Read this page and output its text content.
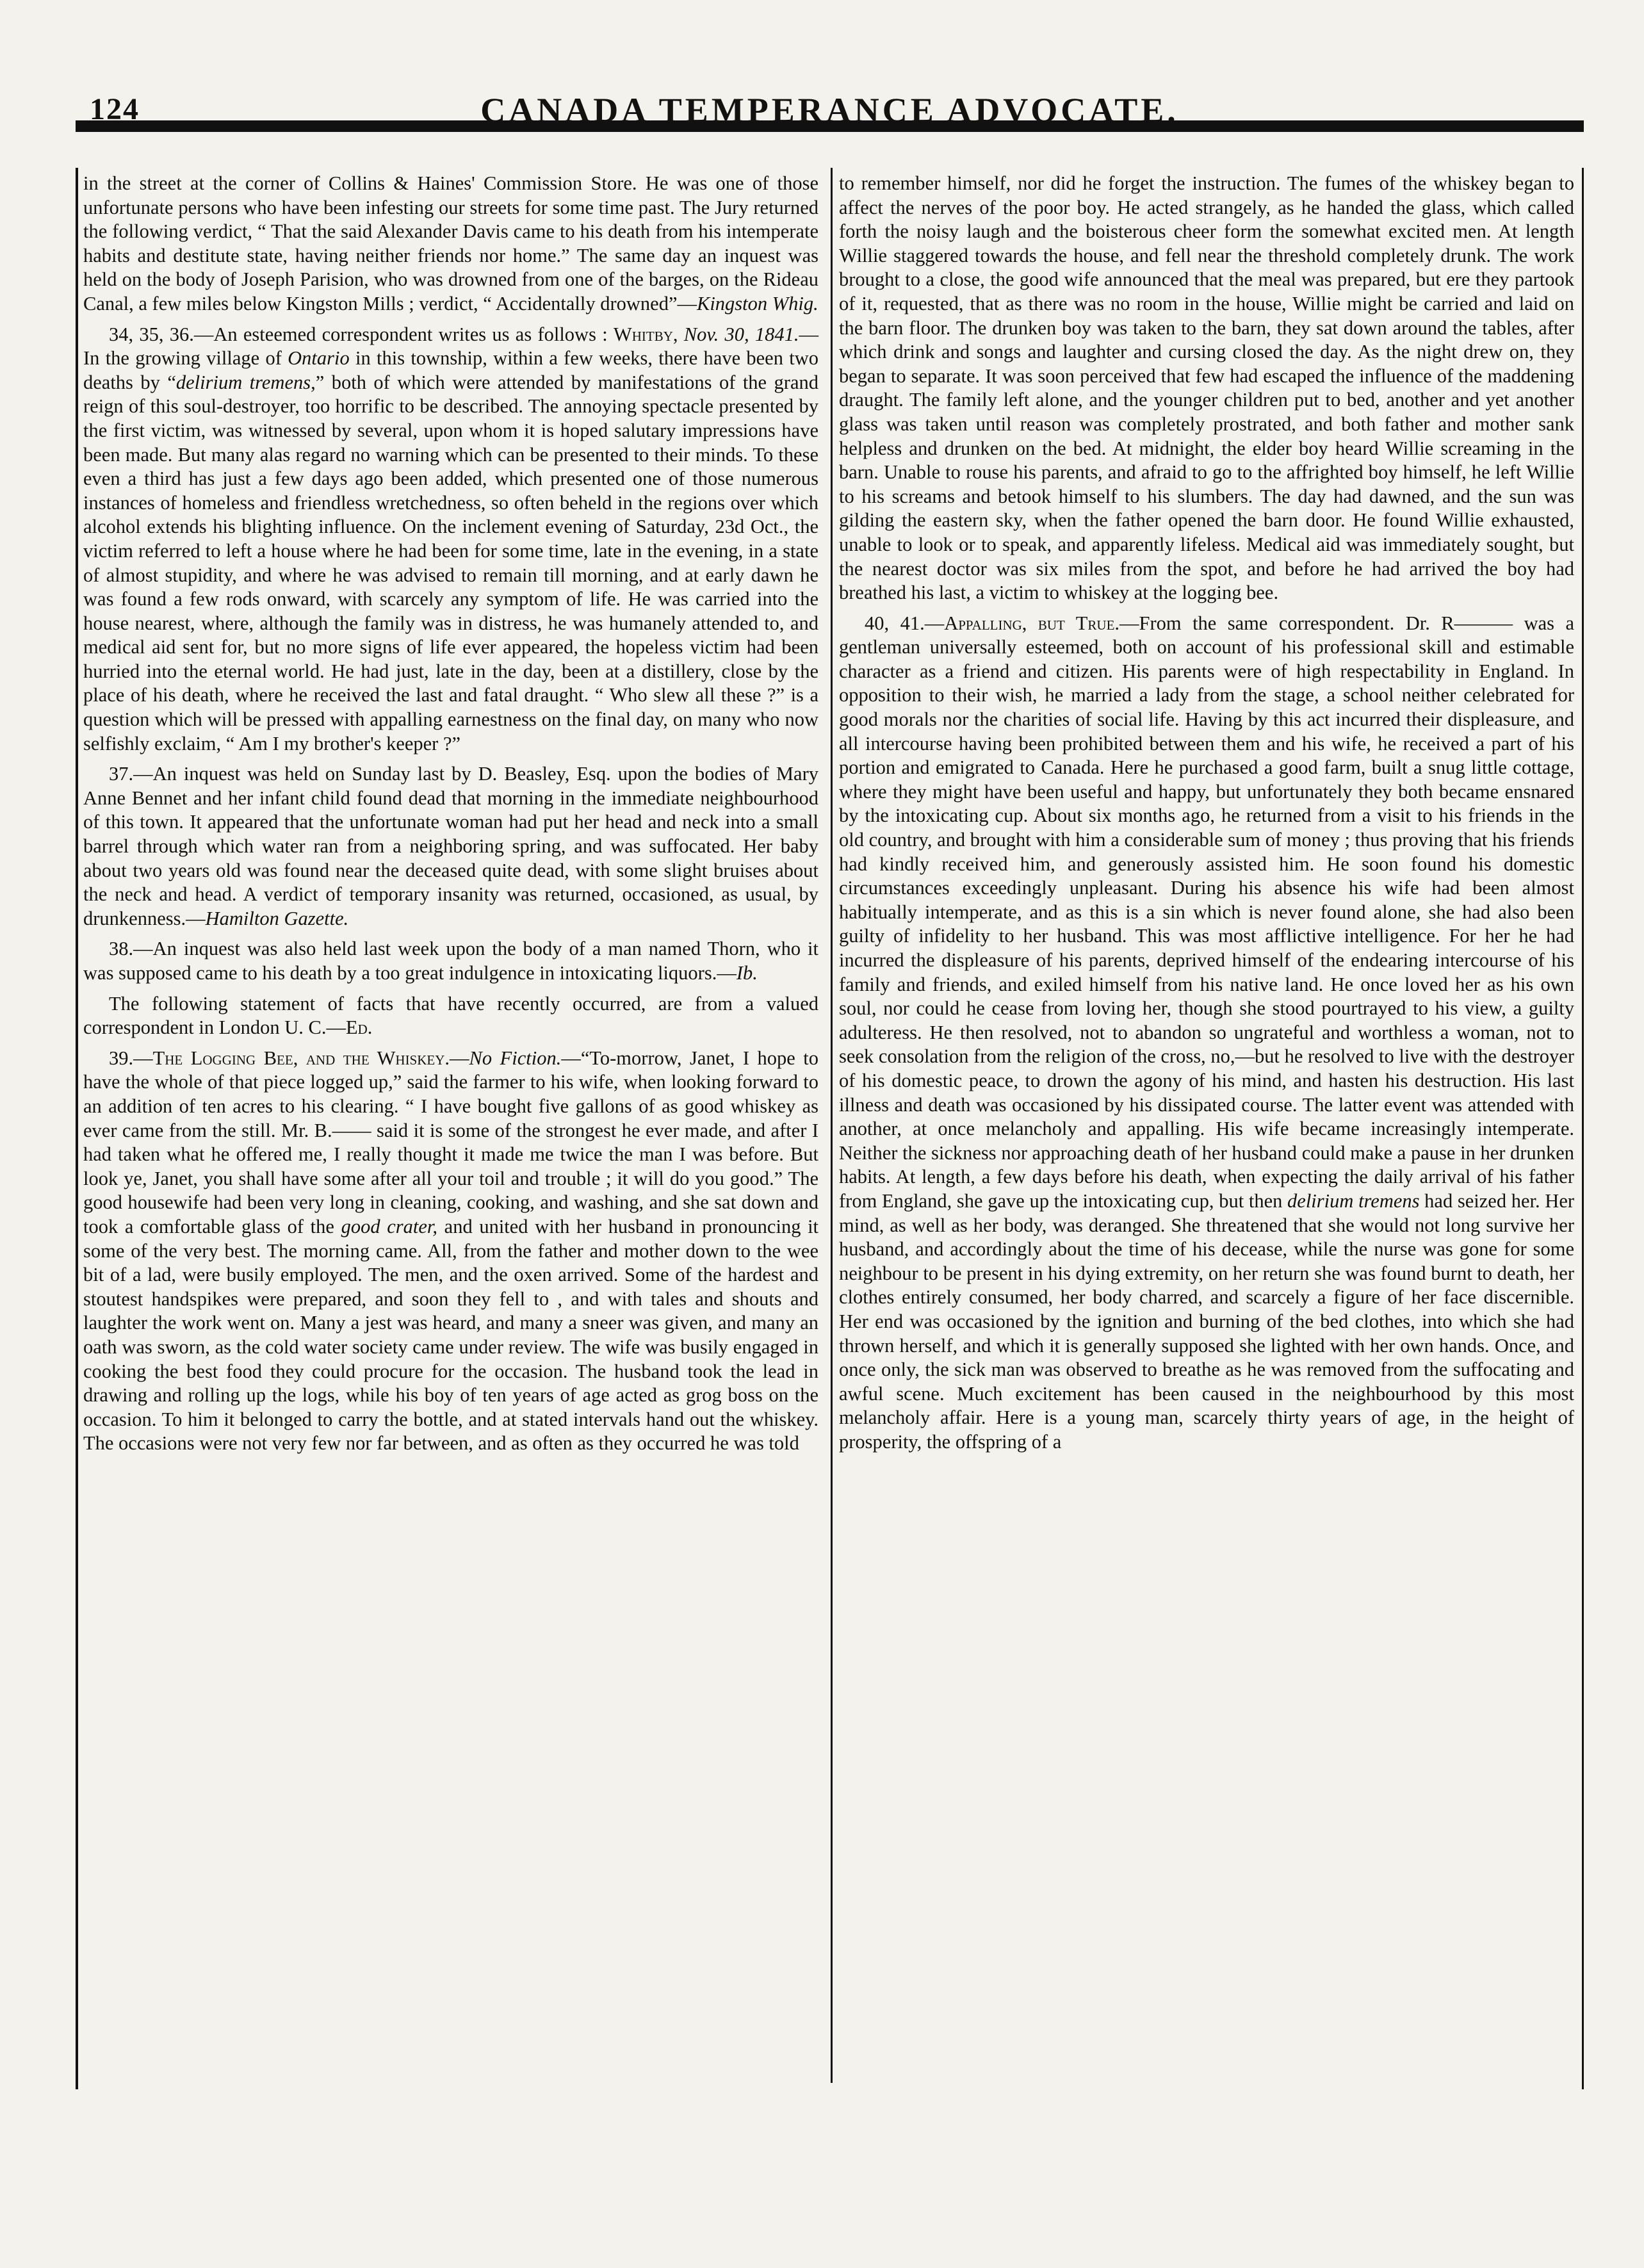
124	CANADA TEMPERANCE ADVOCATE.

in the street at the corner of Collins & Haines' Commission Store. He was one of those unfortunate persons who have been infesting our streets for some time past. The Jury returned the following verdict, “ That the said Alexander Davis came to his death from his intemperate habits and destitute state, having neither friends nor home.” The same day an inquest was held on the body of Joseph Parision, who was drowned from one of the barges, on the Rideau Canal, a few miles below Kingston Mills ; verdict, “ Accidentally drowned”—Kingston Whig.

34, 35, 36.—An esteemed correspondent writes us as follows : Whitby, Nov. 30, 1841.—In the growing village of Ontario in this township, within a few weeks, there have been two deaths by “delirium tremens,” both of which were attended by manifestations of the grand reign of this soul-destroyer, too horrific to be described. The annoying spectacle presented by the first victim, was witnessed by several, upon whom it is hoped salutary impressions have been made. But many alas regard no warning which can be presented to their minds. To these even a third has just a few days ago been added, which presented one of those numerous instances of homeless and friendless wretchedness, so often beheld in the regions over which alcohol extends his blighting influence. On the inclement evening of Saturday, 23d Oct., the victim referred to left a house where he had been for some time, late in the evening, in a state of almost stupidity, and where he was advised to remain till morning, and at early dawn he was found a few rods onward, with scarcely any symptom of life. He was carried into the house nearest, where, although the family was in distress, he was humanely attended to, and medical aid sent for, but no more signs of life ever appeared, the hopeless victim had been hurried into the eternal world. He had just, late in the day, been at a distillery, close by the place of his death, where he received the last and fatal draught. “ Who slew all these ?” is a question which will be pressed with appalling earnestness on the final day, on many who now selfishly exclaim, “ Am I my brother's keeper ?”

37.—An inquest was held on Sunday last by D. Beasley, Esq. upon the bodies of Mary Anne Bennet and her infant child found dead that morning in the immediate neighbourhood of this town. It appeared that the unfortunate woman had put her head and neck into a small barrel through which water ran from a neighboring spring, and was suffocated. Her baby about two years old was found near the deceased quite dead, with some slight bruises about the neck and head. A verdict of temporary insanity was returned, occasioned, as usual, by drunkenness.—Hamilton Gazette.

38.—An inquest was also held last week upon the body of a man named Thorn, who it was supposed came to his death by a too great indulgence in intoxicating liquors.—Ib.

The following statement of facts that have recently occurred, are from a valued correspondent in London U. C.—Ed.

39.—The Logging Bee, and the Whiskey.—No Fiction.—“To-morrow, Janet, I hope to have the whole of that piece logged up,” said the farmer to his wife, when looking forward to an addition of ten acres to his clearing. “ I have bought five gallons of as good whiskey as ever came from the still. Mr. B.—— said it is some of the strongest he ever made, and after I had taken what he offered me, I really thought it made me twice the man I was before. But look ye, Janet, you shall have some after all your toil and trouble ; it will do you good.” The good housewife had been very long in cleaning, cooking, and washing, and she sat down and took a comfortable glass of the good crater, and united with her husband in pronouncing it some of the very best. The morning came. All, from the father and mother down to the wee bit of a lad, were busily employed. The men, and the oxen arrived. Some of the hardest and stoutest handspikes were prepared, and soon they fell to , and with tales and shouts and laughter the work went on. Many a jest was heard, and many a sneer was given, and many an oath was sworn, as the cold water society came under review. The wife was busily engaged in cooking the best food they could procure for the occasion. The husband took the lead in drawing and rolling up the logs, while his boy of ten years of age acted as grog boss on the occasion. To him it belonged to carry the bottle, and at stated intervals hand out the whiskey. The occasions were not very few nor far between, and as often as they occurred he was told

to remember himself, nor did he forget the instruction. The fumes of the whiskey began to affect the nerves of the poor boy. He acted strangely, as he handed the glass, which called forth the noisy laugh and the boisterous cheer form the somewhat excited men. At length Willie staggered towards the house, and fell near the threshold completely drunk. The work brought to a close, the good wife announced that the meal was prepared, but ere they partook of it, requested, that as there was no room in the house, Willie might be carried and laid on the barn floor. The drunken boy was taken to the barn, they sat down around the tables, after which drink and songs and laughter and cursing closed the day. As the night drew on, they began to separate. It was soon perceived that few had escaped the influence of the maddening draught. The family left alone, and the younger children put to bed, another and yet another glass was taken until reason was completely prostrated, and both father and mother sank helpless and drunken on the bed. At midnight, the elder boy heard Willie screaming in the barn. Unable to rouse his parents, and afraid to go to the affrighted boy himself, he left Willie to his screams and betook himself to his slumbers. The day had dawned, and the sun was gilding the eastern sky, when the father opened the barn door. He found Willie exhausted, unable to look or to speak, and apparently lifeless. Medical aid was immediately sought, but the nearest doctor was six miles from the spot, and before he had arrived the boy had breathed his last, a victim to whiskey at the logging bee.

40, 41.—Appalling, but True.—From the same correspondent. Dr. R——— was a gentleman universally esteemed, both on account of his professional skill and estimable character as a friend and citizen. His parents were of high respectability in England. In opposition to their wish, he married a lady from the stage, a school neither celebrated for good morals nor the charities of social life. Having by this act incurred their displeasure, and all intercourse having been prohibited between them and his wife, he received a part of his portion and emigrated to Canada. Here he purchased a good farm, built a snug little cottage, where they might have been useful and happy, but unfortunately they both became ensnared by the intoxicating cup. About six months ago, he returned from a visit to his friends in the old country, and brought with him a considerable sum of money ; thus proving that his friends had kindly received him, and generously assisted him. He soon found his domestic circumstances exceedingly unpleasant. During his absence his wife had been almost habitually intemperate, and as this is a sin which is never found alone, she had also been guilty of infidelity to her husband. This was most afflictive intelligence. For her he had incurred the displeasure of his parents, deprived himself of the endearing intercourse of his family and friends, and exiled himself from his native land. He once loved her as his own soul, nor could he cease from loving her, though she stood pourtrayed to his view, a guilty adulteress. He then resolved, not to abandon so ungrateful and worthless a woman, not to seek consolation from the religion of the cross, no,—but he resolved to live with the destroyer of his domestic peace, to drown the agony of his mind, and hasten his destruction. His last illness and death was occasioned by his dissipated course. The latter event was attended with another, at once melancholy and appalling. His wife became increasingly intemperate. Neither the sickness nor approaching death of her husband could make a pause in her drunken habits. At length, a few days before his death, when expecting the daily arrival of his father from England, she gave up the intoxicating cup, but then delirium tremens had seized her. Her mind, as well as her body, was deranged. She threatened that she would not long survive her husband, and accordingly about the time of his decease, while the nurse was gone for some neighbour to be present in his dying extremity, on her return she was found burnt to death, her clothes entirely consumed, her body charred, and scarcely a figure of her face discernible. Her end was occasioned by the ignition and burning of the bed clothes, into which she had thrown herself, and which it is generally supposed she lighted with her own hands. Once, and once only, the sick man was observed to breathe as he was removed from the suffocating and awful scene. Much excitement has been caused in the neighbourhood by this most melancholy affair. Here is a young man, scarcely thirty years of age, in the height of prosperity, the offspring of a
